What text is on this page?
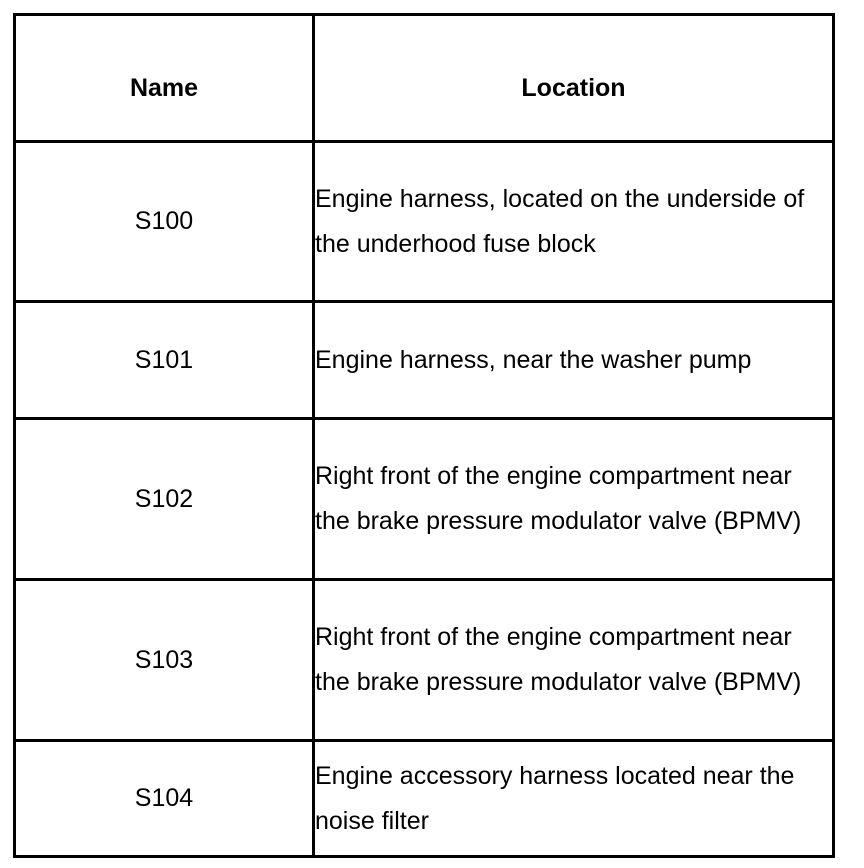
Name	Location
S100	Engine harness, located on the underside of the underhood fuse block
S101	Engine harness, near the washer pump
S102	Right front of the engine compartment near the brake pressure modulator valve (BPMV)
S103	Right front of the engine compartment near the brake pressure modulator valve (BPMV)
S104	Engine accessory harness located near the noise filter
